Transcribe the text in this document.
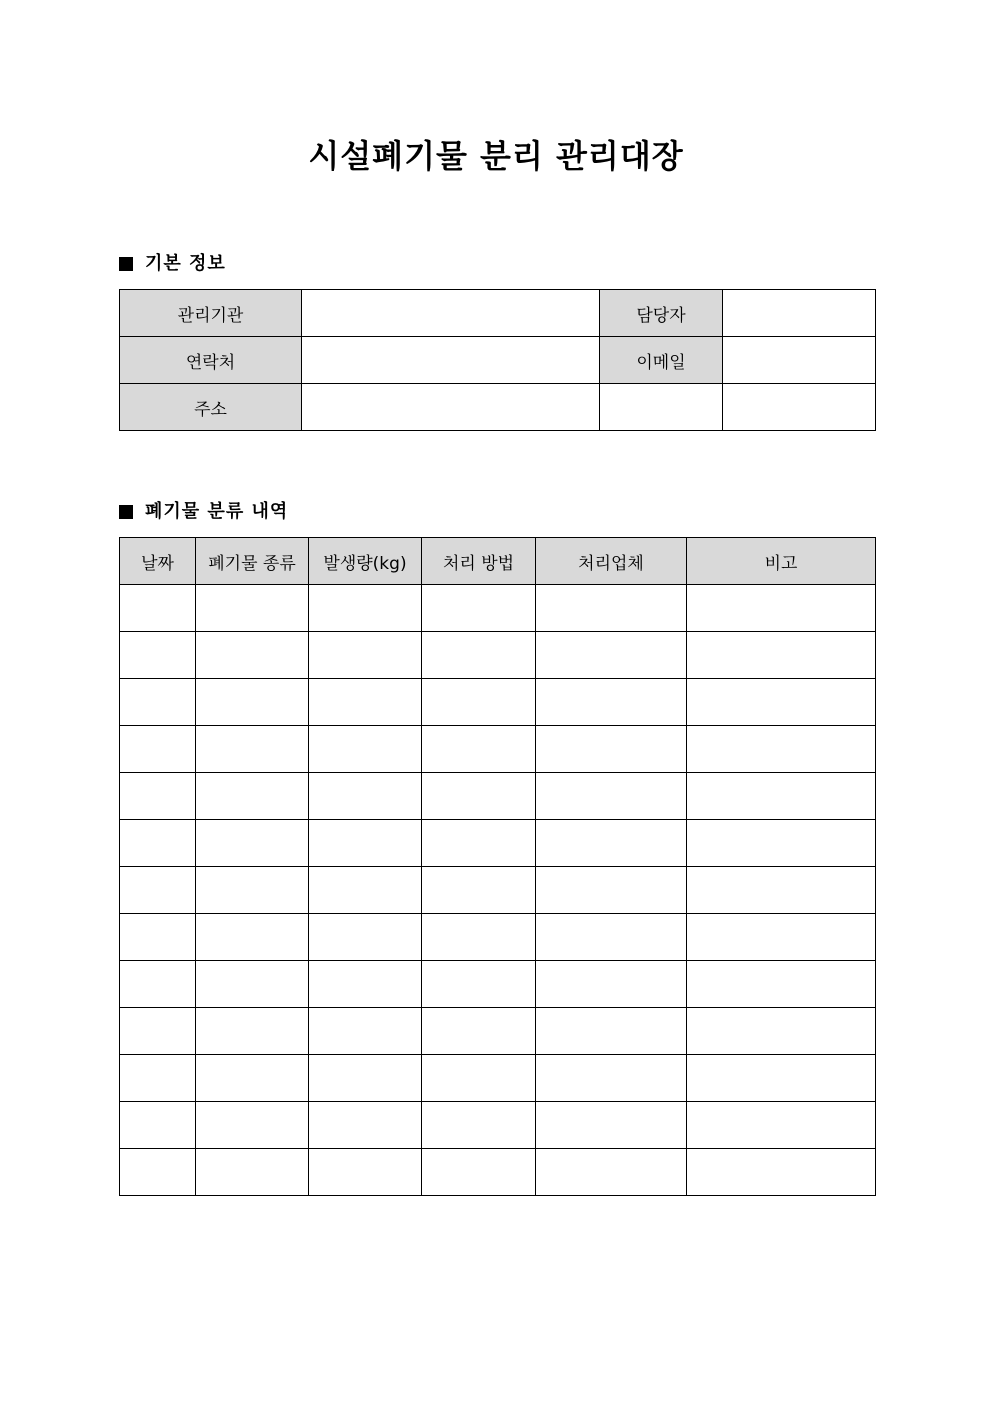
시설폐기물 분리 관리대장
기본 정보
관리기관		담당자	
연락처		이메일	
주소			
폐기물 분류 내역
날짜	폐기물 종류	발생량(kg)	처리 방법	처리업체	비고
